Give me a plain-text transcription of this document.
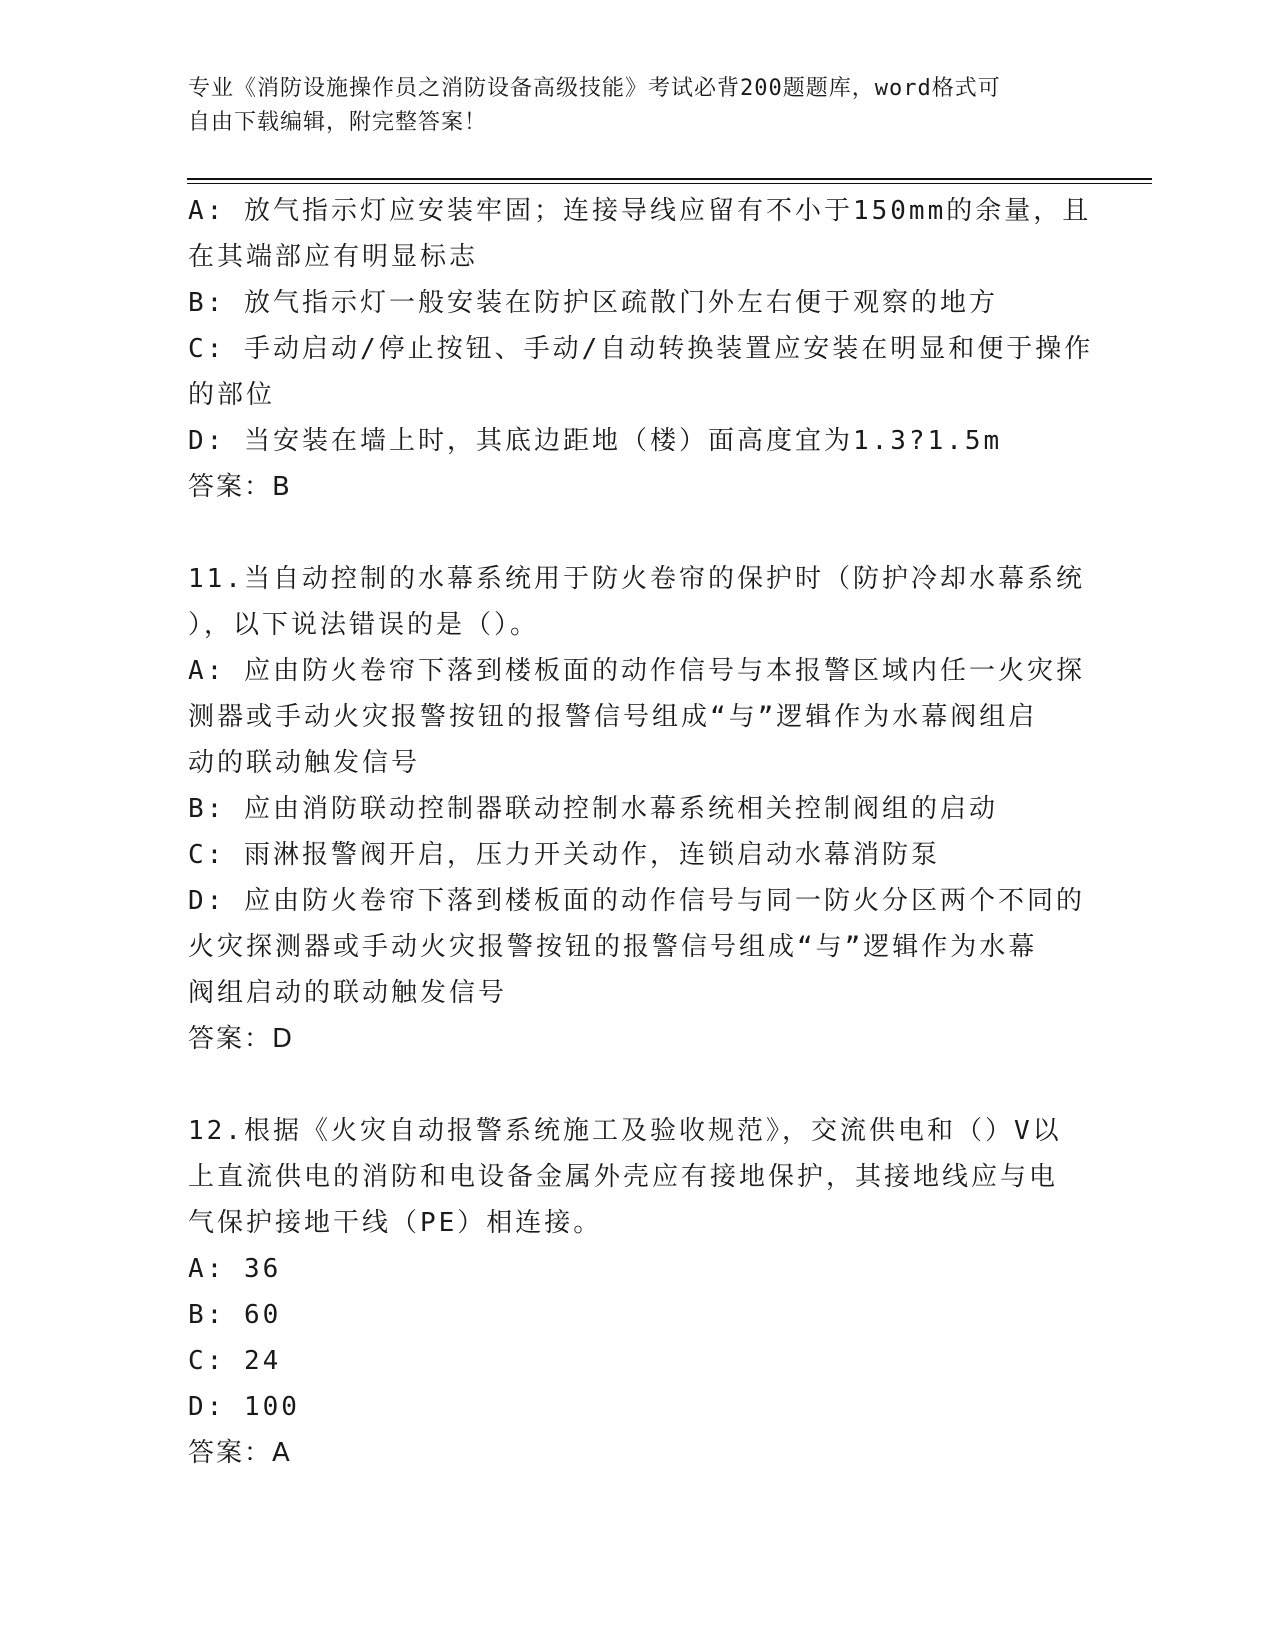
专业《消防设施操作员之消防设备高级技能》考试必背200题题库，word格式可
自由下载编辑，附完整答案！
A: 放气指示灯应安装牢固；连接导线应留有不小于150mm的余量，且
在其端部应有明显标志
B: 放气指示灯一般安装在防护区疏散门外左右便于观察的地方
C: 手动启动/停止按钮、手动/自动转换装置应安装在明显和便于操作
的部位
D: 当安装在墙上时，其底边距地（楼）面高度宜为1.3?1.5m
答案：B
11.当自动控制的水幕系统用于防火卷帘的保护时（防护冷却水幕系统
），以下说法错误的是（）。
A: 应由防火卷帘下落到楼板面的动作信号与本报警区域内任一火灾探
测器或手动火灾报警按钮的报警信号组成“与”逻辑作为水幕阀组启
动的联动触发信号
B: 应由消防联动控制器联动控制水幕系统相关控制阀组的启动
C: 雨淋报警阀开启，压力开关动作，连锁启动水幕消防泵
D: 应由防火卷帘下落到楼板面的动作信号与同一防火分区两个不同的
火灾探测器或手动火灾报警按钮的报警信号组成“与”逻辑作为水幕
阀组启动的联动触发信号
答案：D
12.根据《火灾自动报警系统施工及验收规范》，交流供电和（）V以
上直流供电的消防和电设备金属外壳应有接地保护，其接地线应与电
气保护接地干线（PE）相连接。
A: 36
B: 60
C: 24
D: 100
答案：A
